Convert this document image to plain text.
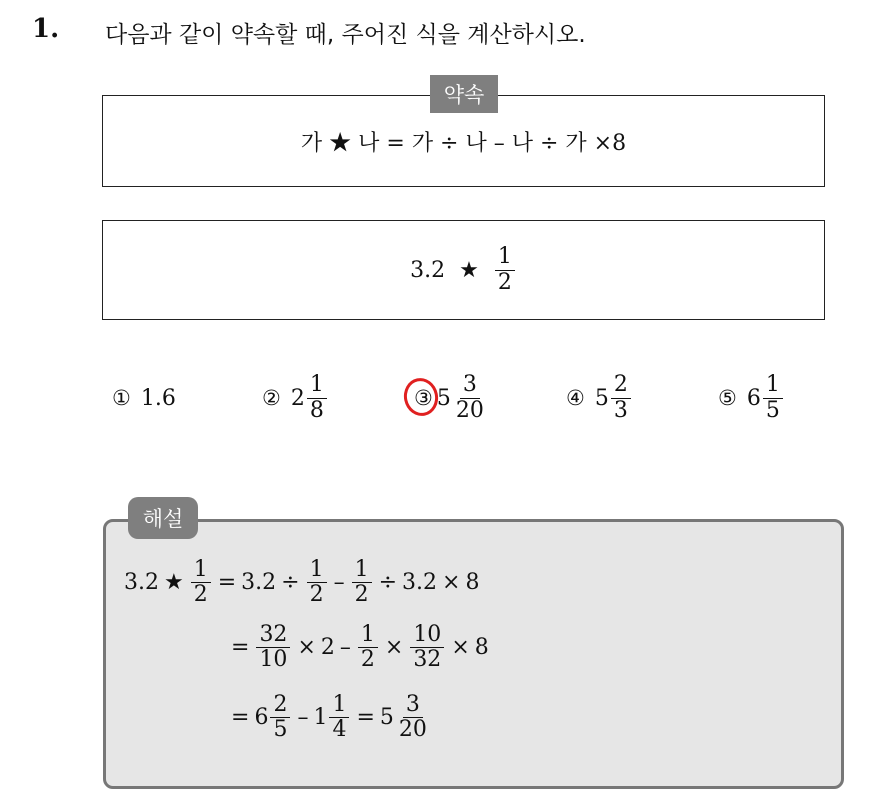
1. 다음과 같이 약속할 때, 주어진 식을 계산하시오.
가 ★ 나 = 가 ÷ 나 – 나 ÷ 가 ×8
약속
3.2 ★ $\frac{1}{2}$
① 1.6	② $2 \frac{1}{8}$	③ $5 \frac{3}{20}$	④ $5 \frac{2}{3}$	⑤ $6 \frac{1}{5}$
해설
3.2 ★ $\frac{1}{2} = 3.2 \div \frac{1}{2} - \frac{1}{2} \div 3.2 \times 8$
= $\frac{32}{10} \times 2 - \frac{1}{2} \times \frac{10}{32} \times 8$
= $6 \frac{2}{5} - 1 \frac{1}{4} = 5 \frac{3}{20}$
